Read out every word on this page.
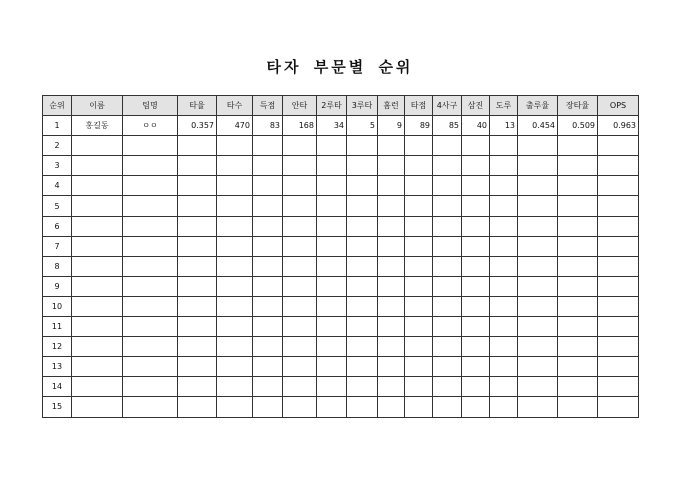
타자 부문별 순위
순위	이름	팀명	타율	타수	득점	안타	2루타	3루타	홈런	타점	4사구	삼진	도루	출루율	장타율	OPS
1	홍길동	ㅇㅇ	0.357	470	83	168	34	5	9	89	85	40	13	0.454	0.509	0.963
2																
3																
4																
5																
6																
7																
8																
9																
10																
11																
12																
13																
14																
15																
